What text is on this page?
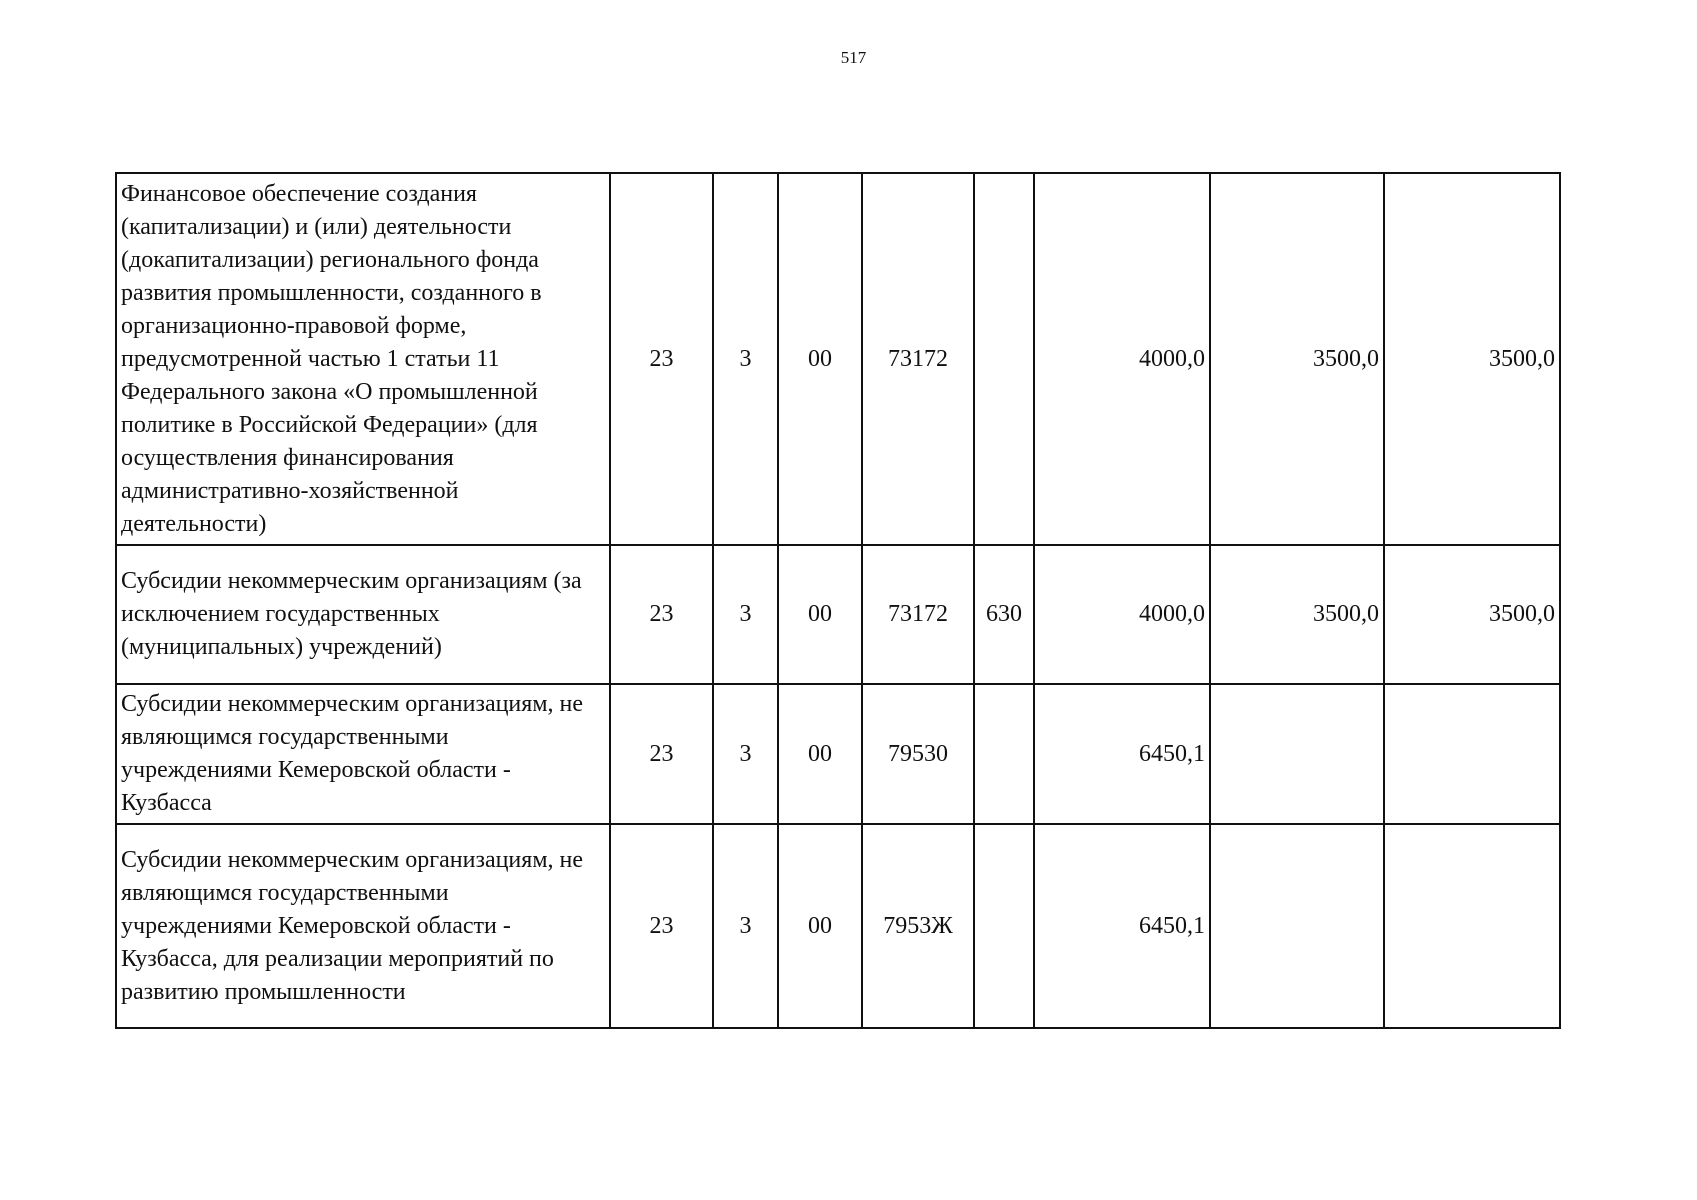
517
Финансовое обеспечение создания (капитализации) и (или) деятельности (докапитализации) регионального фонда развития промышленности, созданного в организационно-правовой форме, предусмотренной частью 1 статьи 11 Федерального закона «О промышленной политике в Российской Федерации» (для осуществления финансирования административно-хозяйственной деятельности)	23	3	00	73172		4000,0	3500,0	3500,0
Субсидии некоммерческим организациям (за исключением государственных (муниципальных) учреждений)	23	3	00	73172	630	4000,0	3500,0	3500,0
Субсидии некоммерческим организациям, не являющимся государственными учреждениями Кемеровской области - Кузбасса	23	3	00	79530		6450,1		
Субсидии некоммерческим организациям, не являющимся государственными учреждениями Кемеровской области - Кузбасса, для реализации мероприятий по развитию промышленности	23	3	00	7953Ж		6450,1		
